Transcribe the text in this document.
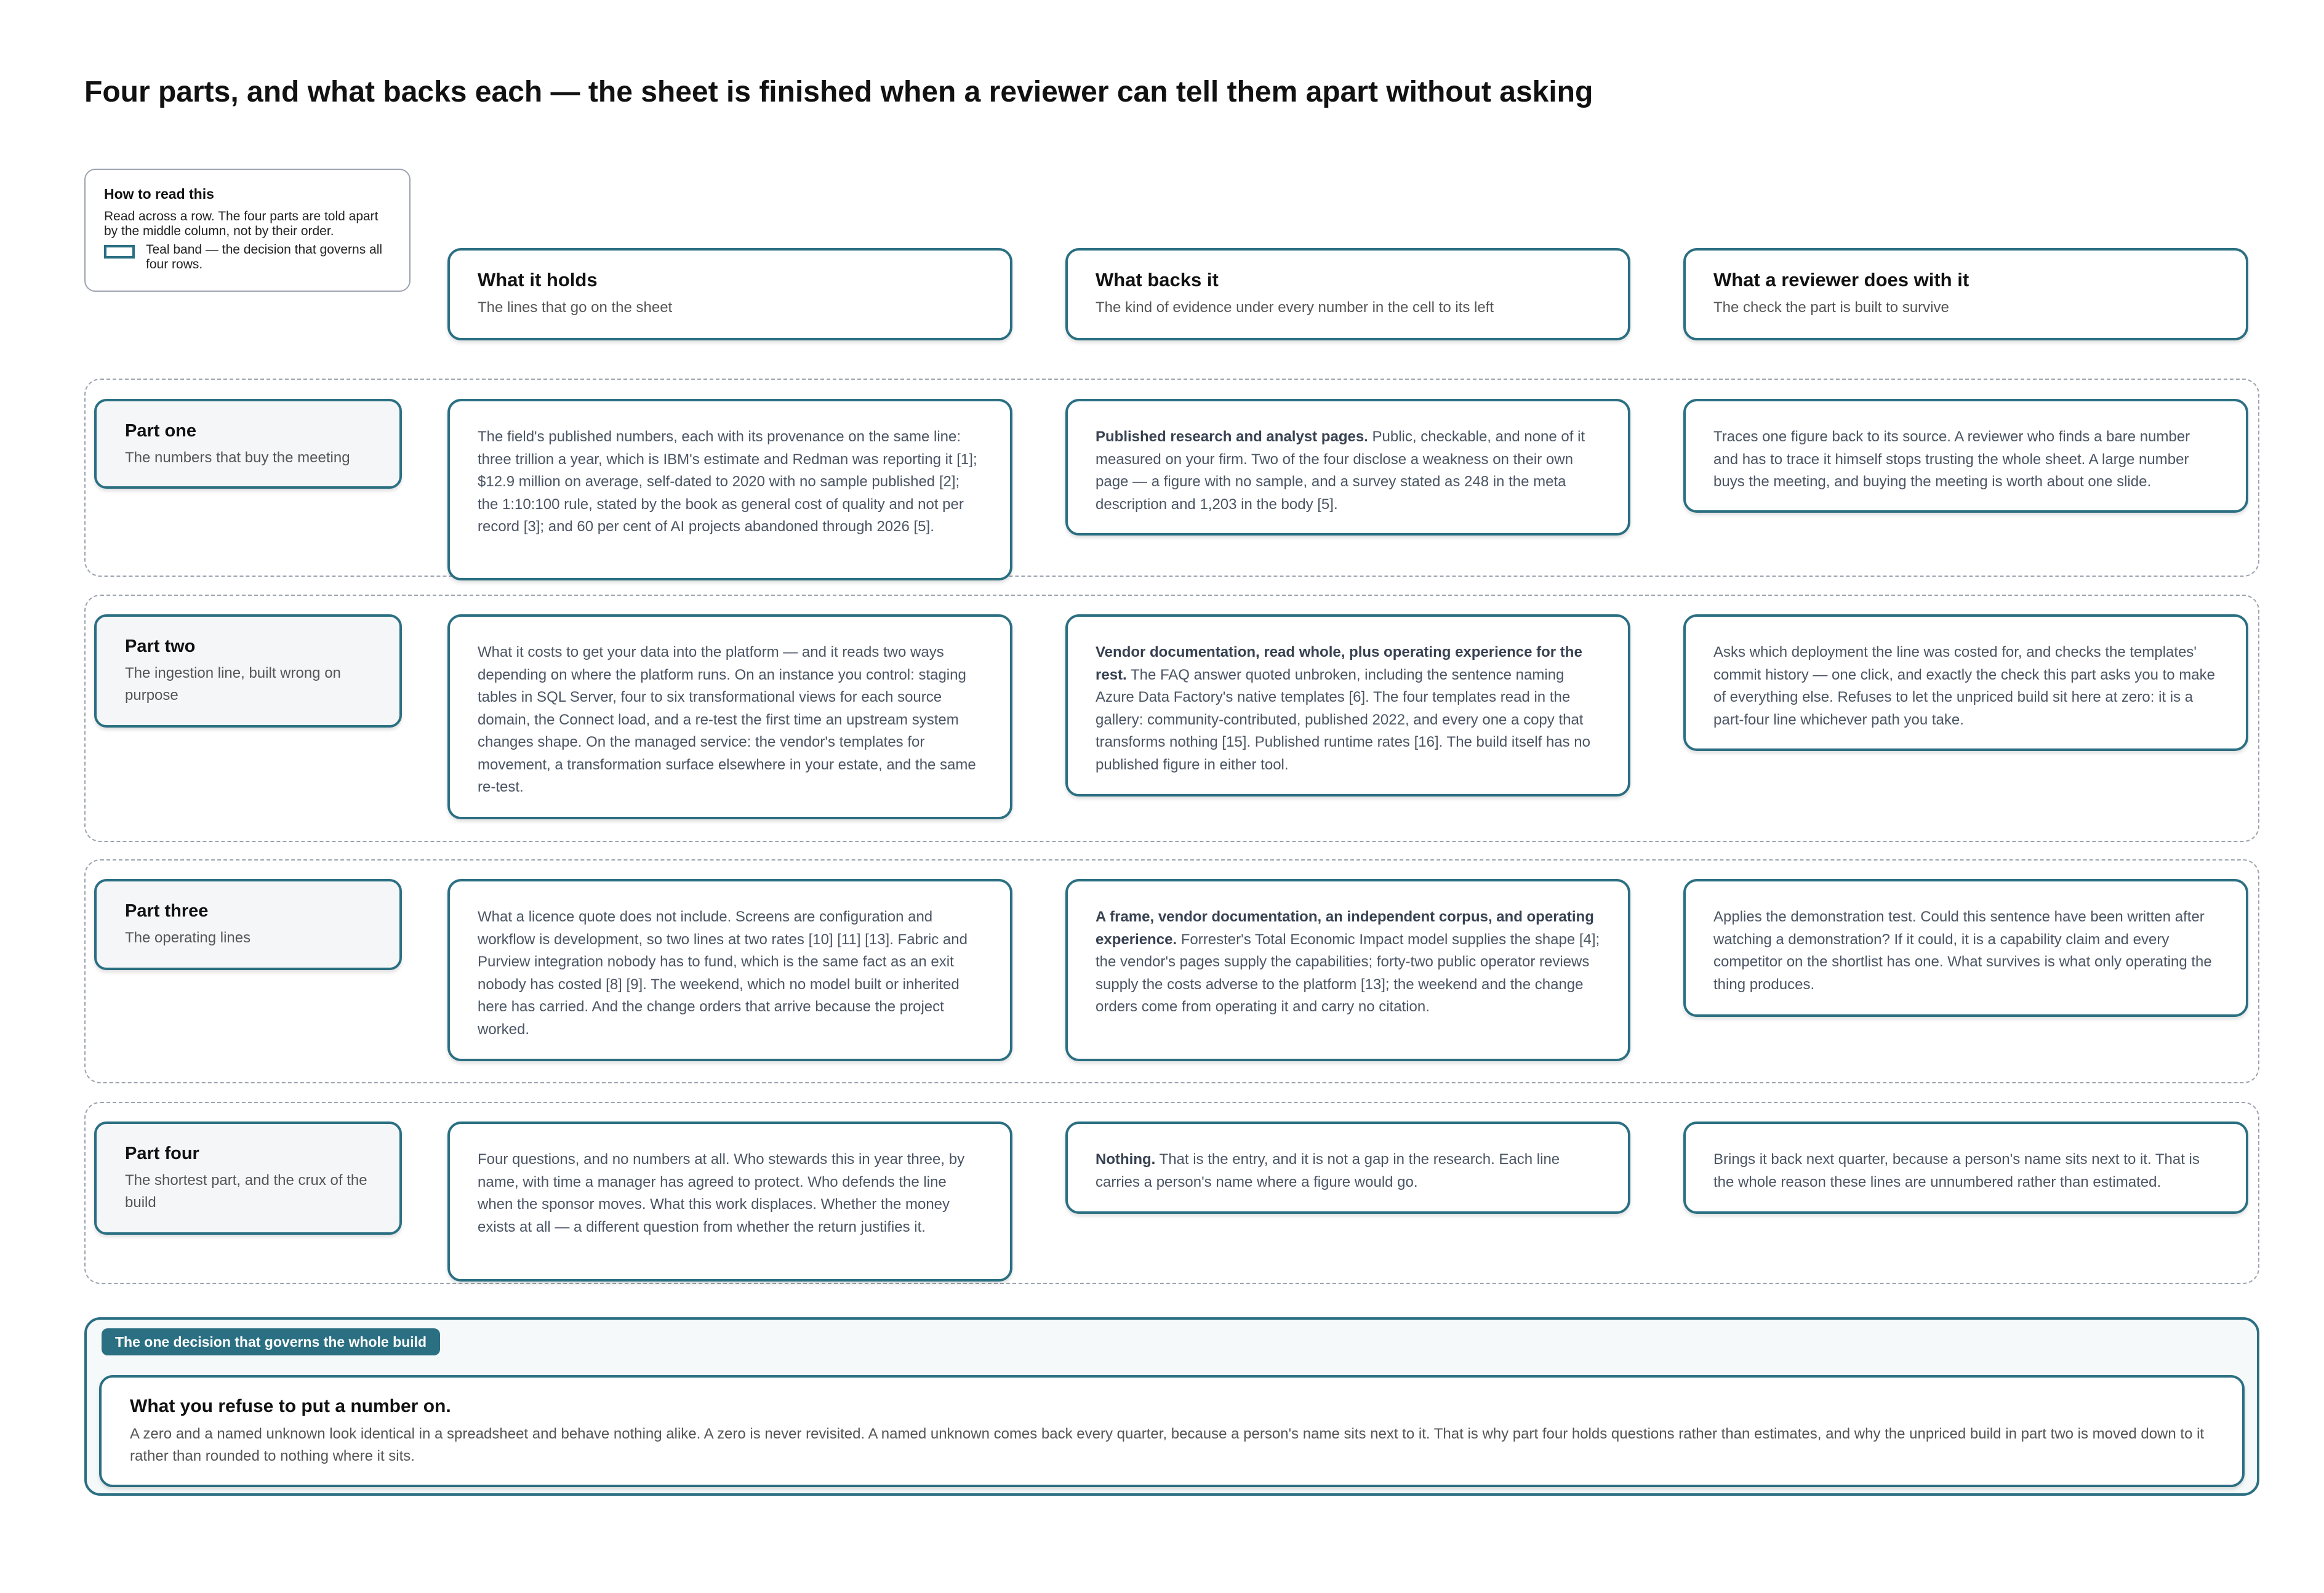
Four parts, and what backs each — the sheet is finished when a reviewer can tell them apart without asking
How to read this
Read across a row. The four parts are told apart by the middle column, not by their order.
Teal band — the decision that governs all four rows.
What it holds
The lines that go on the sheet
What backs it
The kind of evidence under every number in the cell to its left
What a reviewer does with it
The check the part is built to survive
Part one
The numbers that buy the meeting
The field's published numbers, each with its provenance on the same line: three trillion a year, which is IBM's estimate and Redman was reporting it [1]; $12.9 million on average, self-dated to 2020 with no sample published [2]; the 1:10:100 rule, stated by the book as general cost of quality and not per record [3]; and 60 per cent of AI projects abandoned through 2026 [5].
Published research and analyst pages. Public, checkable, and none of it measured on your firm. Two of the four disclose a weakness on their own page — a figure with no sample, and a survey stated as 248 in the meta description and 1,203 in the body [5].
Traces one figure back to its source. A reviewer who finds a bare number and has to trace it himself stops trusting the whole sheet. A large number buys the meeting, and buying the meeting is worth about one slide.
Part two
The ingestion line, built wrong on purpose
What it costs to get your data into the platform — and it reads two ways depending on where the platform runs. On an instance you control: staging tables in SQL Server, four to six transformational views for each source domain, the Connect load, and a re-test the first time an upstream system changes shape. On the managed service: the vendor's templates for movement, a transformation surface elsewhere in your estate, and the same re-test.
Vendor documentation, read whole, plus operating experience for the rest. The FAQ answer quoted unbroken, including the sentence naming Azure Data Factory's native templates [6]. The four templates read in the gallery: community-contributed, published 2022, and every one a copy that transforms nothing [15]. Published runtime rates [16]. The build itself has no published figure in either tool.
Asks which deployment the line was costed for, and checks the templates' commit history — one click, and exactly the check this part asks you to make of everything else. Refuses to let the unpriced build sit here at zero: it is a part-four line whichever path you take.
Part three
The operating lines
What a licence quote does not include. Screens are configuration and workflow is development, so two lines at two rates [10] [11] [13]. Fabric and Purview integration nobody has to fund, which is the same fact as an exit nobody has costed [8] [9]. The weekend, which no model built or inherited here has carried. And the change orders that arrive because the project worked.
A frame, vendor documentation, an independent corpus, and operating experience. Forrester's Total Economic Impact model supplies the shape [4]; the vendor's pages supply the capabilities; forty-two public operator reviews supply the costs adverse to the platform [13]; the weekend and the change orders come from operating it and carry no citation.
Applies the demonstration test. Could this sentence have been written after watching a demonstration? If it could, it is a capability claim and every competitor on the shortlist has one. What survives is what only operating the thing produces.
Part four
The shortest part, and the crux of the build
Four questions, and no numbers at all. Who stewards this in year three, by name, with time a manager has agreed to protect. Who defends the line when the sponsor moves. What this work displaces. Whether the money exists at all — a different question from whether the return justifies it.
Nothing. That is the entry, and it is not a gap in the research. Each line carries a person's name where a figure would go.
Brings it back next quarter, because a person's name sits next to it. That is the whole reason these lines are unnumbered rather than estimated.
The one decision that governs the whole build
What you refuse to put a number on.
A zero and a named unknown look identical in a spreadsheet and behave nothing alike. A zero is never revisited. A named unknown comes back every quarter, because a person's name sits next to it. That is why part four holds questions rather than estimates, and why the unpriced build in part two is moved down to it rather than rounded to nothing where it sits.
